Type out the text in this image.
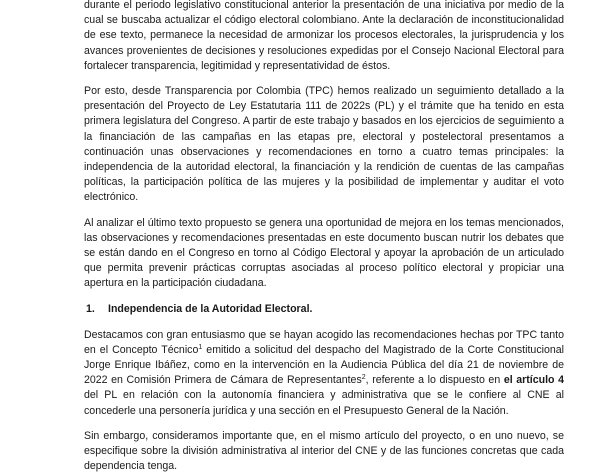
durante el periodo legislativo constitucional anterior la presentación de una iniciativa por medio de la cual se buscaba actualizar el código electoral colombiano. Ante la declaración de inconstitucionalidad de ese texto, permanece la necesidad de armonizar los procesos electorales, la jurisprudencia y los avances provenientes de decisiones y resoluciones expedidas por el Consejo Nacional Electoral para fortalecer transparencia, legitimidad y representatividad de éstos.

Por esto, desde Transparencia por Colombia (TPC) hemos realizado un seguimiento detallado a la presentación del Proyecto de Ley Estatutaria 111 de 2022s (PL) y el trámite que ha tenido en esta primera legislatura del Congreso. A partir de este trabajo y basados en los ejercicios de seguimiento a la financiación de las campañas en las etapas pre, electoral y postelectoral presentamos a continuación unas observaciones y recomendaciones en torno a cuatro temas principales: la independencia de la autoridad electoral, la financiación y la rendición de cuentas de las campañas políticas, la participación política de las mujeres y la posibilidad de implementar y auditar el voto electrónico.

Al analizar el último texto propuesto se genera una oportunidad de mejora en los temas mencionados, las observaciones y recomendaciones presentadas en este documento buscan nutrir los debates que se están dando en el Congreso en torno al Código Electoral y apoyar la aprobación de un articulado que permita prevenir prácticas corruptas asociadas al proceso político electoral y propiciar una apertura en la participación ciudadana.

1. Independencia de la Autoridad Electoral.

Destacamos con gran entusiasmo que se hayan acogido las recomendaciones hechas por TPC tanto en el Concepto Técnico$^1$ emitido a solicitud del despacho del Magistrado de la Corte Constitucional Jorge Enrique Ibáñez, como en la intervención en la Audiencia Pública del día 21 de noviembre de 2022 en Comisión Primera de Cámara de Representantes$^2$, referente a lo dispuesto en el artículo 4 del PL en relación con la autonomía financiera y administrativa que se le confiere al CNE al concederle una personería jurídica y una sección en el Presupuesto General de la Nación.

Sin embargo, consideramos importante que, en el mismo artículo del proyecto, o en uno nuevo, se especifique sobre la división administrativa al interior del CNE y de las funciones concretas que cada dependencia tenga.
